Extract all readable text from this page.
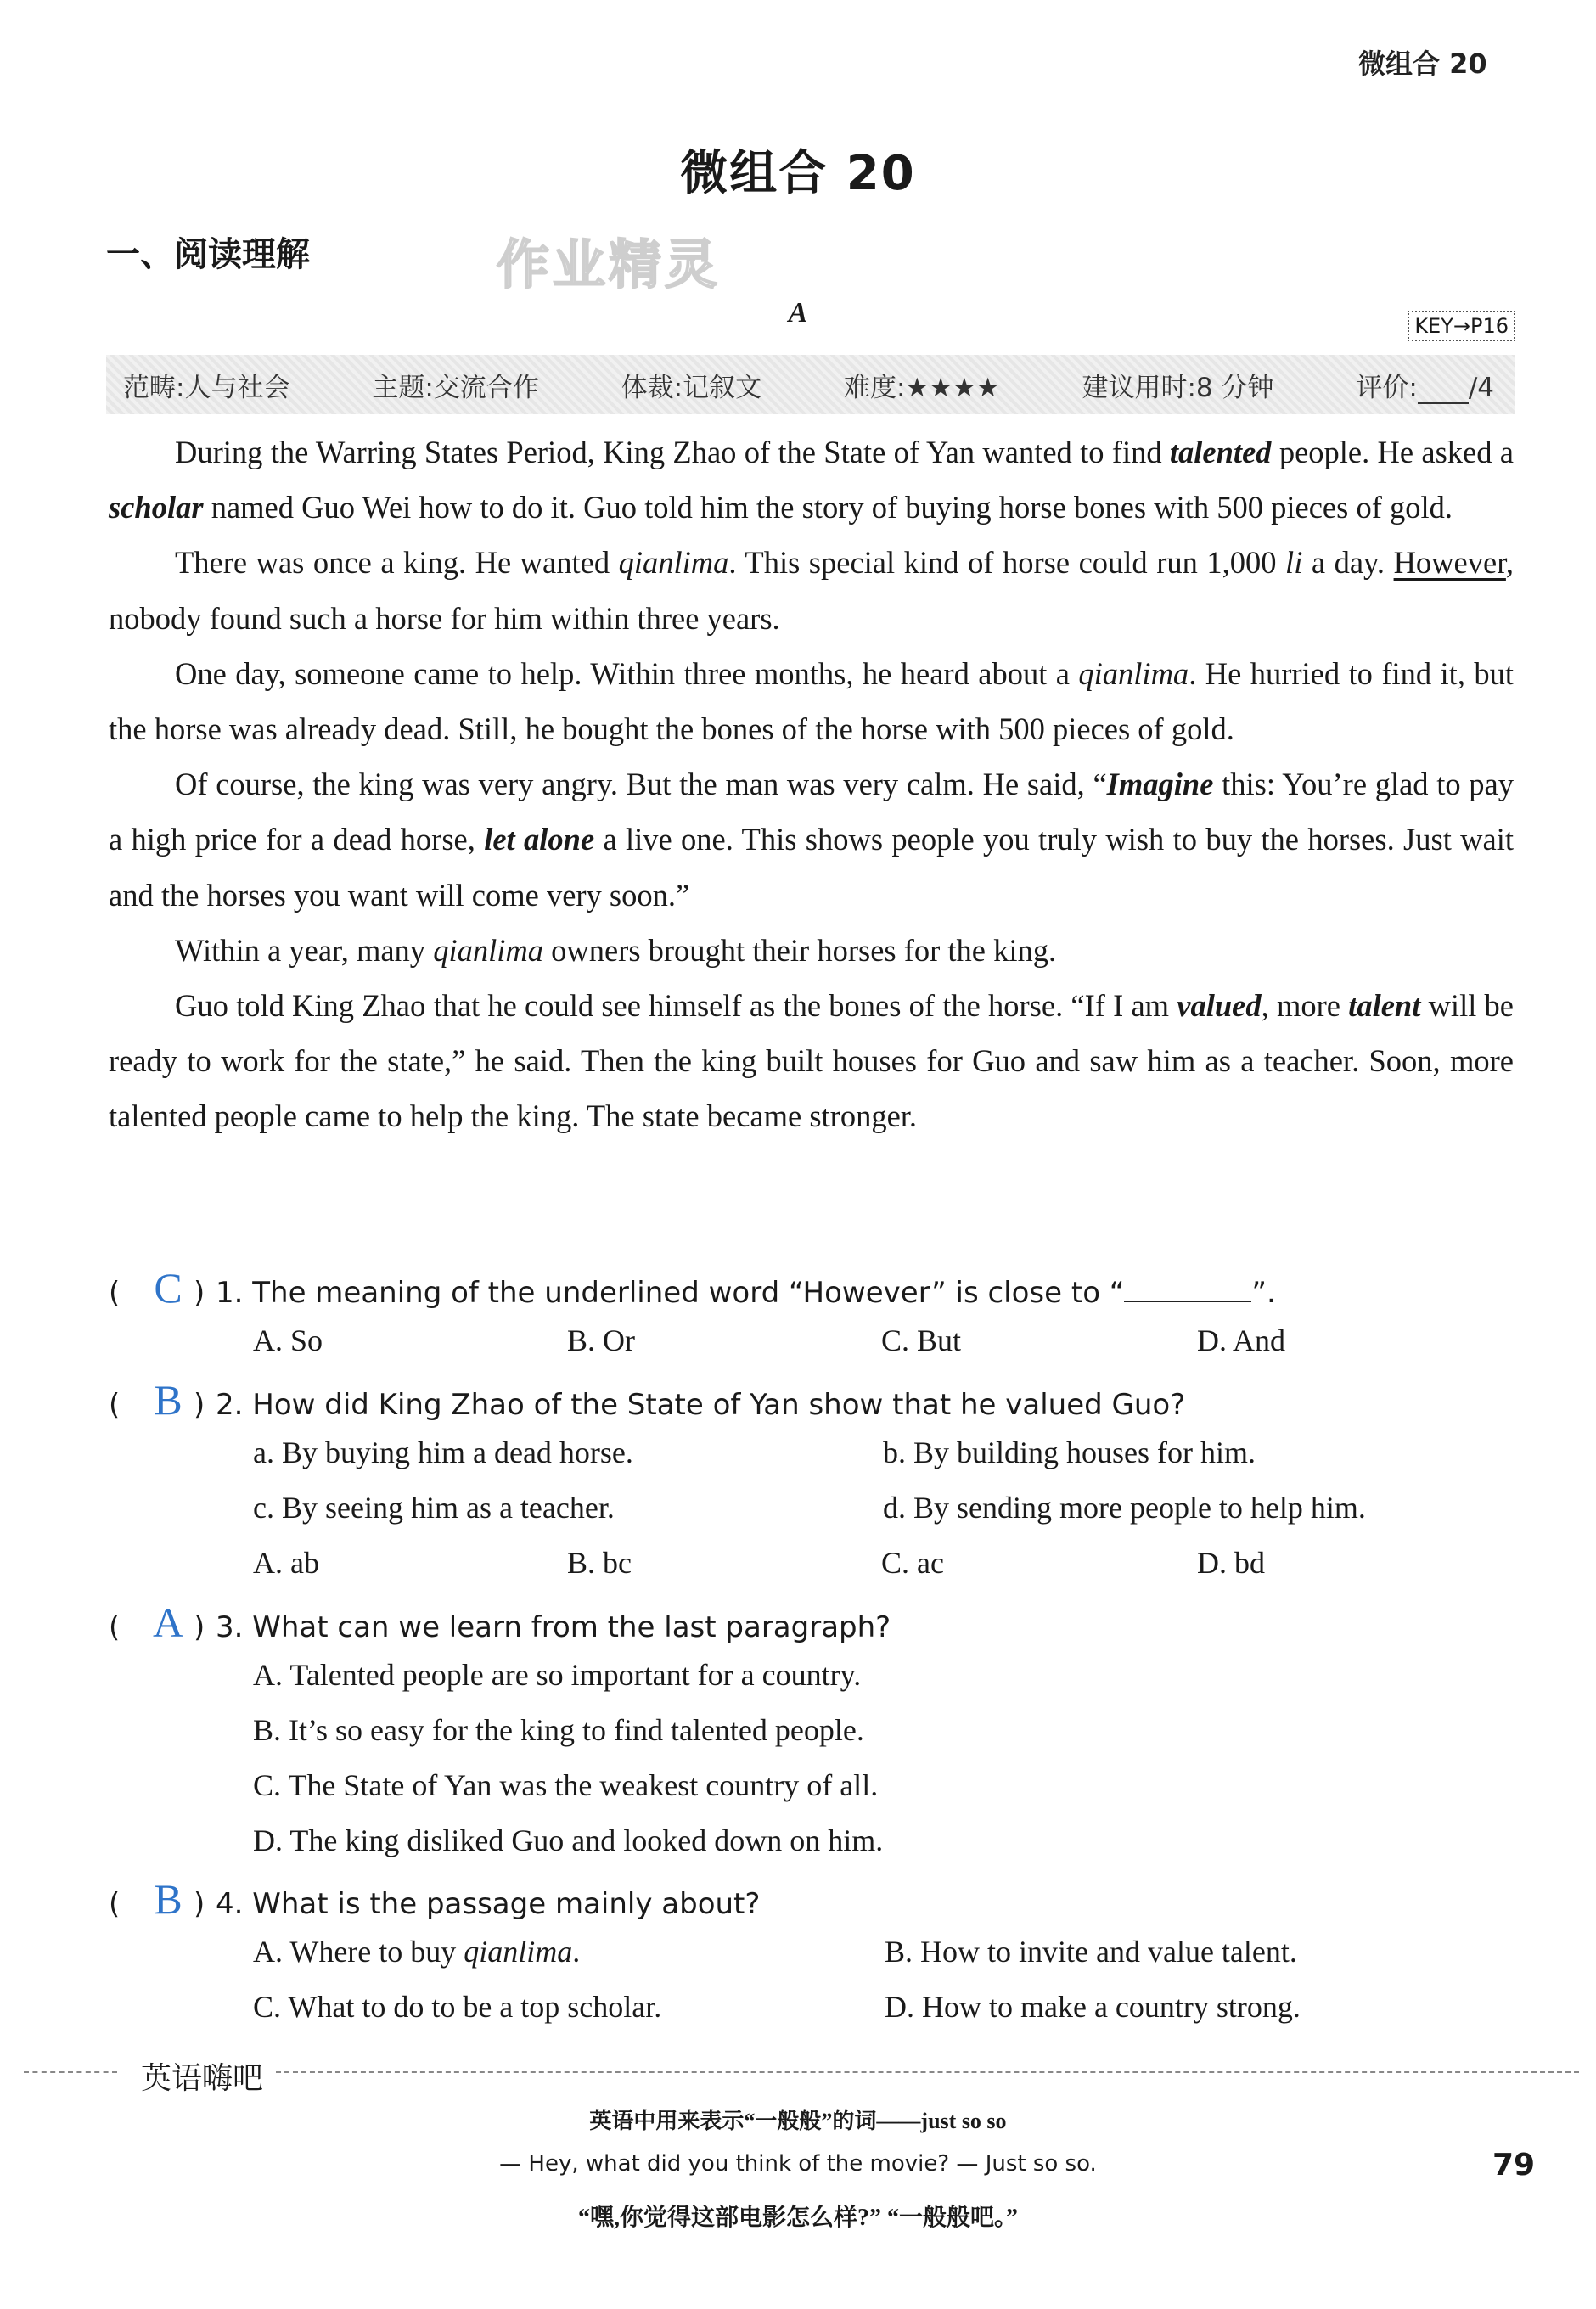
微组合 20
微组合 20
一、阅读理解	作业精灵
A	KEY→P16
范畴:人与社会	主题:交流合作	体裁:记叙文	难度:★★★★	建议用时:8 分钟	评价: /4

During the Warring States Period, King Zhao of the State of Yan wanted to find talented people. He asked a scholar named Guo Wei how to do it. Guo told him the story of buying horse bones with 500 pieces of gold.

There was once a king. He wanted qianlima. This special kind of horse could run 1,000 li a day. However, nobody found such a horse for him within three years.

One day, someone came to help. Within three months, he heard about a qianlima. He hurried to find it, but the horse was already dead. Still, he bought the bones of the horse with 500 pieces of gold.

Of course, the king was very angry. But the man was very calm. He said, “Imagine this: You’re glad to pay a high price for a dead horse, let alone a live one. This shows people you truly wish to buy the horses. Just wait and the horses you want will come very soon.”

Within a year, many qianlima owners brought their horses for the king.

Guo told King Zhao that he could see himself as the bones of the horse. “If I am valued, more talent will be ready to work for the state,” he said. Then the king built houses for Guo and saw him as a teacher. Soon, more talented people came to help the king. The state became stronger.

( C ) 1. The meaning of the underlined word “However” is close to “	”.
A. So	B. Or	C. But	D. And
( B ) 2. How did King Zhao of the State of Yan show that he valued Guo?
a. By buying him a dead horse.	b. By building houses for him.
c. By seeing him as a teacher.	d. By sending more people to help him.
A. ab	B. bc	C. ac	D. bd
( A ) 3. What can we learn from the last paragraph?
A. Talented people are so important for a country.
B. It’s so easy for the king to find talented people.
C. The State of Yan was the weakest country of all.
D. The king disliked Guo and looked down on him.
( B ) 4. What is the passage mainly about?
A. Where to buy qianlima.	B. How to invite and value talent.
C. What to do to be a top scholar.	D. How to make a country strong.
英语嗨吧
英语中用来表示“一般般”的词——just so so
— Hey, what did you think of the movie? — Just so so.
“嘿,你觉得这部电影怎么样?” “一般般吧。”
79
